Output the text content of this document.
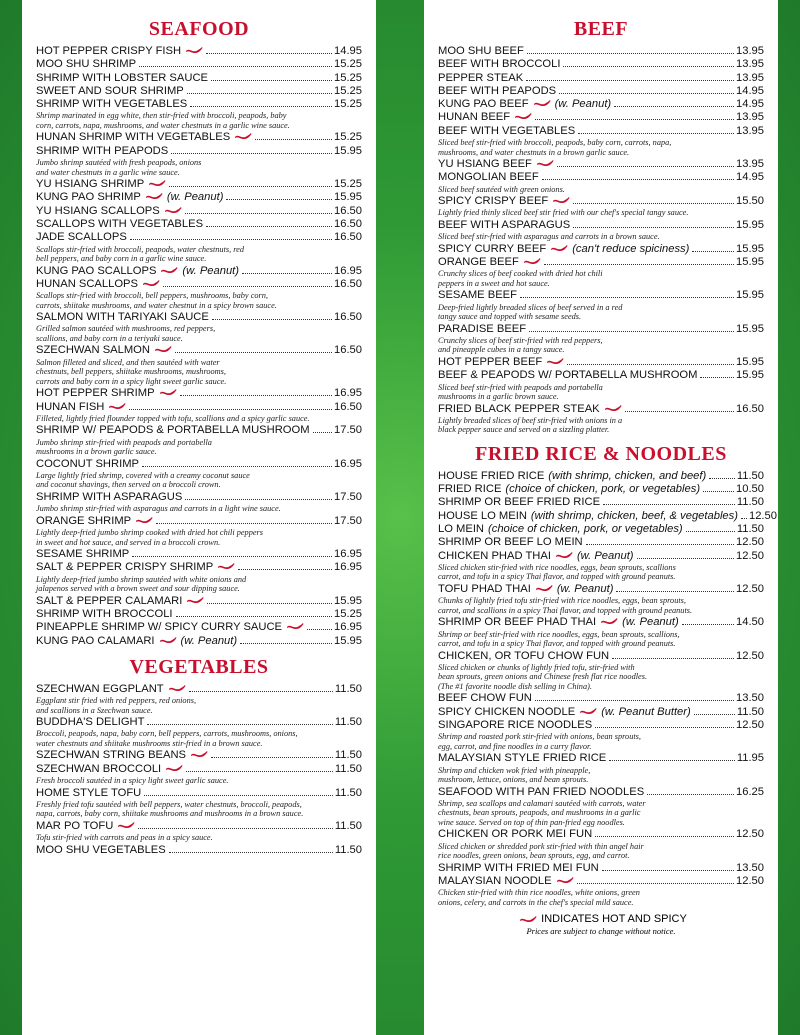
SEAFOOD
HOT PEPPER CRISPY FISH	14.95
MOO SHU SHRIMP	15.25
SHRIMP WITH LOBSTER SAUCE	15.25
SWEET AND SOUR SHRIMP	15.25
SHRIMP WITH VEGETABLES	15.25
Shrimp marinated in egg white, then stir-fried with broccoli, peapods, baby
corn, carrots, napa, mushrooms, and water chestnuts in a garlic wine sauce.
HUNAN SHRIMP WITH VEGETABLES	15.25
SHRIMP WITH PEAPODS	15.95
Jumbo shrimp sautéed with fresh peapods, onions
and water chestnuts in a garlic wine sauce.
YU HSIANG SHRIMP	15.25
KUNG PAO SHRIMP (w. Peanut)	15.95
YU HSIANG SCALLOPS	16.50
SCALLOPS WITH VEGETABLES	16.50
JADE SCALLOPS	16.50
Scallops stir-fried with broccoli, peapods, water chestnuts, red
bell peppers, and baby corn in a garlic wine sauce.
KUNG PAO SCALLOPS (w. Peanut)	16.95
HUNAN SCALLOPS	16.50
Scallops stir-fried with broccoli, bell peppers, mushrooms, baby corn,
carrots, shiitake mushrooms, and water chestnut in a spicy brown sauce.
SALMON WITH TARIYAKI SAUCE	16.50
Grilled salmon sautéed with mushrooms, red peppers,
scallions, and baby corn in a teriyaki sauce.
SZECHWAN SALMON	16.50
Salmon filleted and sliced, and then sautéed with water
chestnuts, bell peppers, shiitake mushrooms, mushrooms,
carrots and baby corn in a spicy light sweet garlic sauce.
HOT PEPPER SHRIMP	16.95
HUNAN FISH	16.50
Filleted, lightly fried flounder topped with tofu, scallions and a spicy garlic sauce.
SHRIMP W/ PEAPODS & PORTABELLA MUSHROOM 17.50
Jumbo shrimp stir-fried with peapods and portabella
mushrooms in a brown garlic sauce.
COCONUT SHRIMP	16.95
Large lightly fried shrimp, covered with a creamy coconut sauce
and coconut shavings, then served on a broccoli crown.
SHRIMP WITH ASPARAGUS	17.50
Jumbo shrimp stir-fried with asparagus and carrots in a light wine sauce.
ORANGE SHRIMP	17.50
Lightly deep-fried jumbo shrimp cooked with dried hot chili peppers
in sweet and hot sauce, and served in a broccoli crown.
SESAME SHRIMP	16.95
SALT & PEPPER CRISPY SHRIMP	16.95
Lightly deep-fried jumbo shrimp sautéed with white onions and
jalapenos served with a brown sweet and sour dipping sauce.
SALT & PEPPER CALAMARI	15.95
SHRIMP WITH BROCCOLI	15.25
PINEAPPLE SHRIMP W/ SPICY CURRY SAUCE	16.95
KUNG PAO CALAMARI (w. Peanut)	15.95
VEGETABLES
SZECHWAN EGGPLANT	11.50
Eggplant stir fried with red peppers, red onions,
and scallions in a Szechwan sauce.
BUDDHA'S DELIGHT	11.50
Broccoli, peapods, napa, baby corn, bell peppers, carrots, mushrooms, onions,
water chestnuts and shiitake mushrooms stir-fried in a brown sauce.
SZECHWAN STRING BEANS	11.50
SZECHWAN BROCCOLI	11.50
Fresh broccoli sautéed in a spicy light sweet garlic sauce.
HOME STYLE TOFU	11.50
Freshly fried tofu sautéed with bell peppers, water chestnuts, broccoli, peapods,
napa, carrots, baby corn, shiitake mushrooms and mushrooms in a brown sauce.
MAR PO TOFU	11.50
Tofu stir-fried with carrots and peas in a spicy sauce.
MOO SHU VEGETABLES	11.50
BEEF
MOO SHU BEEF	13.95
BEEF WITH BROCCOLI	13.95
PEPPER STEAK	13.95
BEEF WITH PEAPODS	14.95
KUNG PAO BEEF (w. Peanut)	14.95
HUNAN BEEF	13.95
BEEF WITH VEGETABLES	13.95
Sliced beef stir-fried with broccoli, peapods, baby corn, carrots, napa,
mushrooms, and water chestnuts in a brown garlic sauce.
YU HSIANG BEEF	13.95
MONGOLIAN BEEF	14.95
Sliced beef sautéed with green onions.
SPICY CRISPY BEEF	15.50
Lightly fried thinly sliced beef stir fried with our chef's special tangy sauce.
BEEF WITH ASPARAGUS	15.95
Sliced beef stir-fried with asparagus and carrots in a brown sauce.
SPICY CURRY BEEF (can't reduce spiciness)	15.95
ORANGE BEEF	15.95
Crunchy slices of beef cooked with dried hot chili
peppers in a sweet and hot sauce.
SESAME BEEF	15.95
Deep-fried lightly breaded slices of beef served in a red
tangy sauce and topped with sesame seeds.
PARADISE BEEF	15.95
Crunchy slices of beef stir-fried with red peppers,
and pineapple cubes in a tangy sauce.
HOT PEPPER BEEF	15.95
BEEF & PEAPODS W/ PORTABELLA MUSHROOM	15.95
Sliced beef stir-fried with peapods and portabella
mushrooms in a garlic brown sauce.
FRIED BLACK PEPPER STEAK	16.50
Lightly breaded slices of beef stir-fried with onions in a
black pepper sauce and served on a sizzling platter.
FRIED RICE & NOODLES
HOUSE FRIED RICE (with shrimp, chicken, and beef)	11.50
FRIED RICE (choice of chicken, pork, or vegetables)	10.50
SHRIMP OR BEEF FRIED RICE	11.50
HOUSE LO MEIN (with shrimp, chicken, beef, & vegetables) 12.50
LO MEIN (choice of chicken, pork, or vegetables)	11.50
SHRIMP OR BEEF LO MEIN	12.50
CHICKEN PHAD THAI (w. Peanut)	12.50
Sliced chicken stir-fried with rice noodles, eggs, bean sprouts, scallions
carrot, and tofu in a spicy Thai flavor, and topped with ground peanuts.
TOFU PHAD THAI (w. Peanut)	12.50
Chunks of lightly fried tofu stir-fried with rice noodles, eggs, bean sprouts,
carrot, and scallions in a spicy Thai flavor, and topped with ground peanuts.
SHRIMP OR BEEF PHAD THAI (w. Peanut)	14.50
Shrimp or beef stir-fried with rice noodles, eggs, bean sprouts, scallions,
carrot, and tofu in a spicy Thai flavor, and topped with ground peanuts.
CHICKEN, OR TOFU CHOW FUN	12.50
Sliced chicken or chunks of lightly fried tofu, stir-fried with
bean sprouts, green onions and Chinese fresh flat rice noodles.
(The #1 favorite noodle dish selling in China).
BEEF CHOW FUN	13.50
SPICY CHICKEN NOODLE (w. Peanut Butter)	11.50
SINGAPORE RICE NOODLES	12.50
Shrimp and roasted pork stir-fried with onions, bean sprouts,
egg, carrot, and fine noodles in a curry flavor.
MALAYSIAN STYLE FRIED RICE	11.95
Shrimp and chicken wok fried with pineapple,
mushroom, lettuce, onions, and bean sprouts.
SEAFOOD WITH PAN FRIED NOODLES	16.25
Shrimp, sea scallops and calamari sautéed with carrots, water
chestnuts, bean sprouts, peapods, and mushrooms in a garlic
wine sauce. Served on top of thin pan-fried egg noodles.
CHICKEN OR PORK MEI FUN	12.50
Sliced chicken or shredded pork stir-fried with thin angel hair
rice noodles, green onions, bean sprouts, egg, and carrot.
SHRIMP WITH FRIED MEI FUN	13.50
MALAYSIAN NOODLE	12.50
Chicken stir-fried with thin rice noodles, white onions, green
onions, celery, and carrots in the chef's special mild sauce.
INDICATES HOT AND SPICY
Prices are subject to change without notice.
